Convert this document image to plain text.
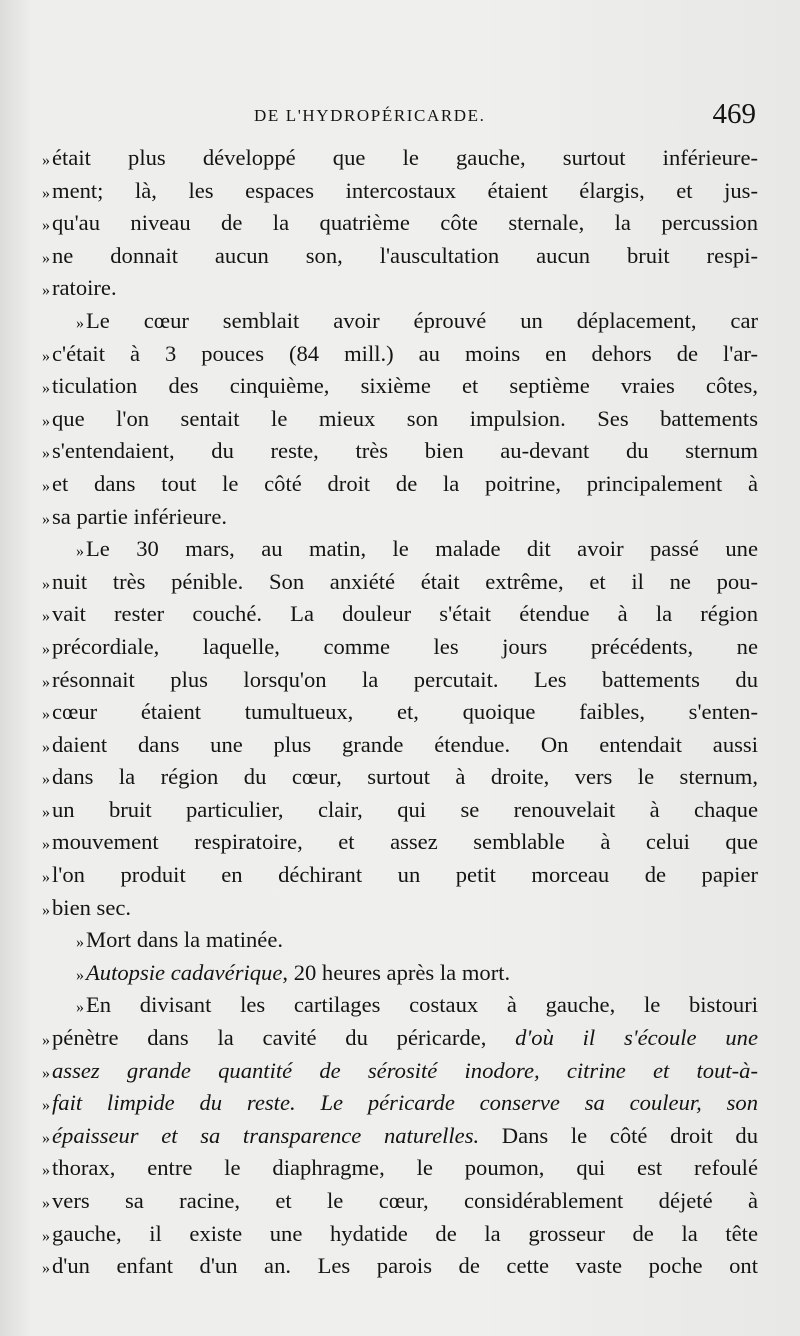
DE L'HYDROPÉRICARDE.	469
»était plus développé que le gauche, surtout inférieure-
»ment; là, les espaces intercostaux étaient élargis, et jus-
»qu'au niveau de la quatrième côte sternale, la percussion
»ne donnait aucun son, l'auscultation aucun bruit respi-
»ratoire.
»Le cœur semblait avoir éprouvé un déplacement, car
»c'était à 3 pouces (84 mill.) au moins en dehors de l'ar-
»ticulation des cinquième, sixième et septième vraies côtes,
»que l'on sentait le mieux son impulsion. Ses battements
»s'entendaient, du reste, très bien au-devant du sternum
»et dans tout le côté droit de la poitrine, principalement à
»sa partie inférieure.
»Le 30 mars, au matin, le malade dit avoir passé une
»nuit très pénible. Son anxiété était extrême, et il ne pou-
»vait rester couché. La douleur s'était étendue à la région
»précordiale, laquelle, comme les jours précédents, ne
»résonnait plus lorsqu'on la percutait. Les battements du
»cœur étaient tumultueux, et, quoique faibles, s'enten-
»daient dans une plus grande étendue. On entendait aussi
»dans la région du cœur, surtout à droite, vers le sternum,
»un bruit particulier, clair, qui se renouvelait à chaque
»mouvement respiratoire, et assez semblable à celui que
»l'on produit en déchirant un petit morceau de papier
»bien sec.
»Mort dans la matinée.
»Autopsie cadavérique, 20 heures après la mort.
»En divisant les cartilages costaux à gauche, le bistouri
»pénètre dans la cavité du péricarde, d'où il s'écoule une
»assez grande quantité de sérosité inodore, citrine et tout-à-
»fait limpide du reste. Le péricarde conserve sa couleur, son
»épaisseur et sa transparence naturelles. Dans le côté droit du
»thorax, entre le diaphragme, le poumon, qui est refoulé
»vers sa racine, et le cœur, considérablement déjeté à
»gauche, il existe une hydatide de la grosseur de la tête
»d'un enfant d'un an. Les parois de cette vaste poche ont
